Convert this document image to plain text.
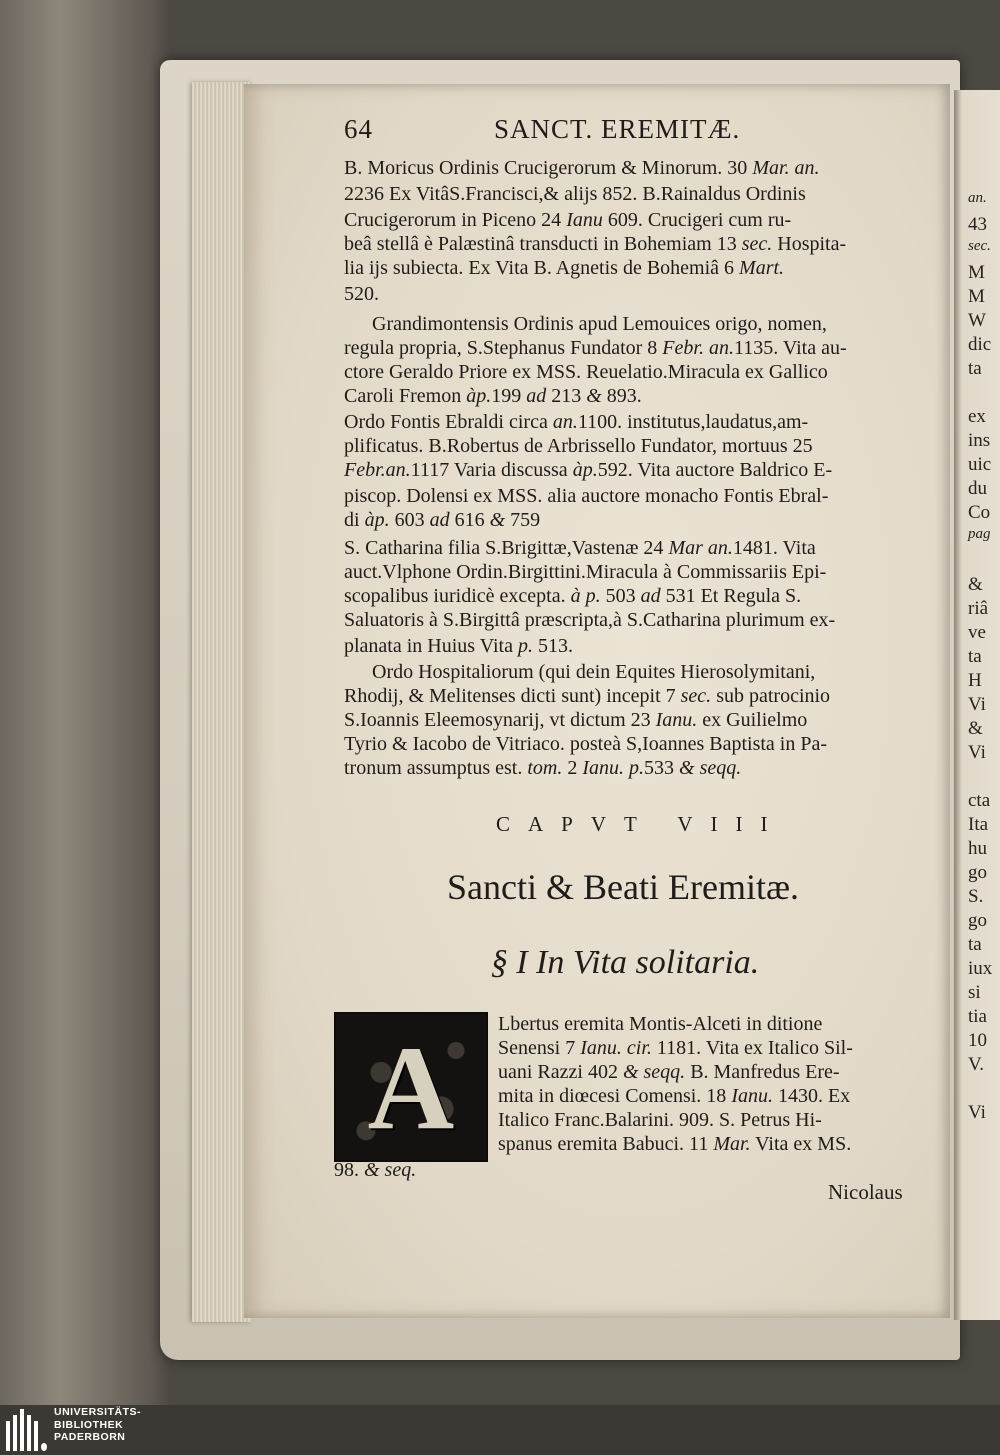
64	SANCT. EREMITÆ.
B. Moricus Ordinis Crucigerorum & Minorum. 30 Mar. an.
2236 Ex VitâS.Francisci,& alijs 852. B.Rainaldus Ordinis
Crucigerorum in Piceno 24 Ianu 609. Crucigeri cum ru-
beâ stellâ è Palæstinâ transducti in Bohemiam 13 sec. Hospita-
lia ijs subiecta. Ex Vita B. Agnetis de Bohemiâ 6 Mart.
520.
Grandimontensis Ordinis apud Lemouices origo, nomen,
regula propria, S.Stephanus Fundator 8 Febr. an.1135. Vita au-
ctore Geraldo Priore ex MSS. Reuelatio.Miracula ex Gallico
Caroli Fremon àp.199 ad 213 & 893.
Ordo Fontis Ebraldi circa an.1100. institutus,laudatus,am-
plificatus. B.Robertus de Arbrissello Fundator, mortuus 25
Febr.an.1117 Varia discussa àp.592. Vita auctore Baldrico E-
piscop. Dolensi ex MSS. alia auctore monacho Fontis Ebral-
di àp. 603 ad 616 & 759
S. Catharina filia S.Brigittæ,Vastenæ 24 Mar an.1481. Vita
auct.Vlphone Ordin.Birgittini.Miracula à Commissariis Epi-
scopalibus iuridicè excepta. à p. 503 ad 531 Et Regula S.
Saluatoris à S.Birgittâ præscripta,à S.Catharina plurimum ex-
planata in Huius Vita p. 513.
Ordo Hospitaliorum (qui dein Equites Hierosolymitani,
Rhodij, & Melitenses dicti sunt) incepit 7 sec. sub patrocinio
S.Ioannis Eleemosynarij, vt dictum 23 Ianu. ex Guilielmo
Tyrio & Iacobo de Vitriaco. posteà S,Ioannes Baptista in Pa-
tronum assumptus est. tom. 2 Ianu. p.533 & seqq.
CAPVT VIII
Sancti & Beati Eremitæ.
§ I In Vita solitaria.
A	Lbertus eremita Montis-Alceti in ditione
Senensi 7 Ianu. cir. 1181. Vita ex Italico Sil-
uani Razzi 402 & seqq. B. Manfredus Ere-
mita in diœcesi Comensi. 18 Ianu. 1430. Ex
Italico Franc.Balarini. 909. S. Petrus Hi-
spanus eremita Babuci. 11 Mar. Vita ex MS.
98. & seq.
Nicolaus
an.
43
sec.
M
M
W
dic
ta
ex
ins
uic
du
Co
pag
&
riâ
ve
ta
H
Vi
&
Vi
cta
Ita
hu
go
S.
go
ta
iux
si
tia
10
V.
Vi
UNIVERSITÄTS-
BIBLIOTHEK
PADERBORN
